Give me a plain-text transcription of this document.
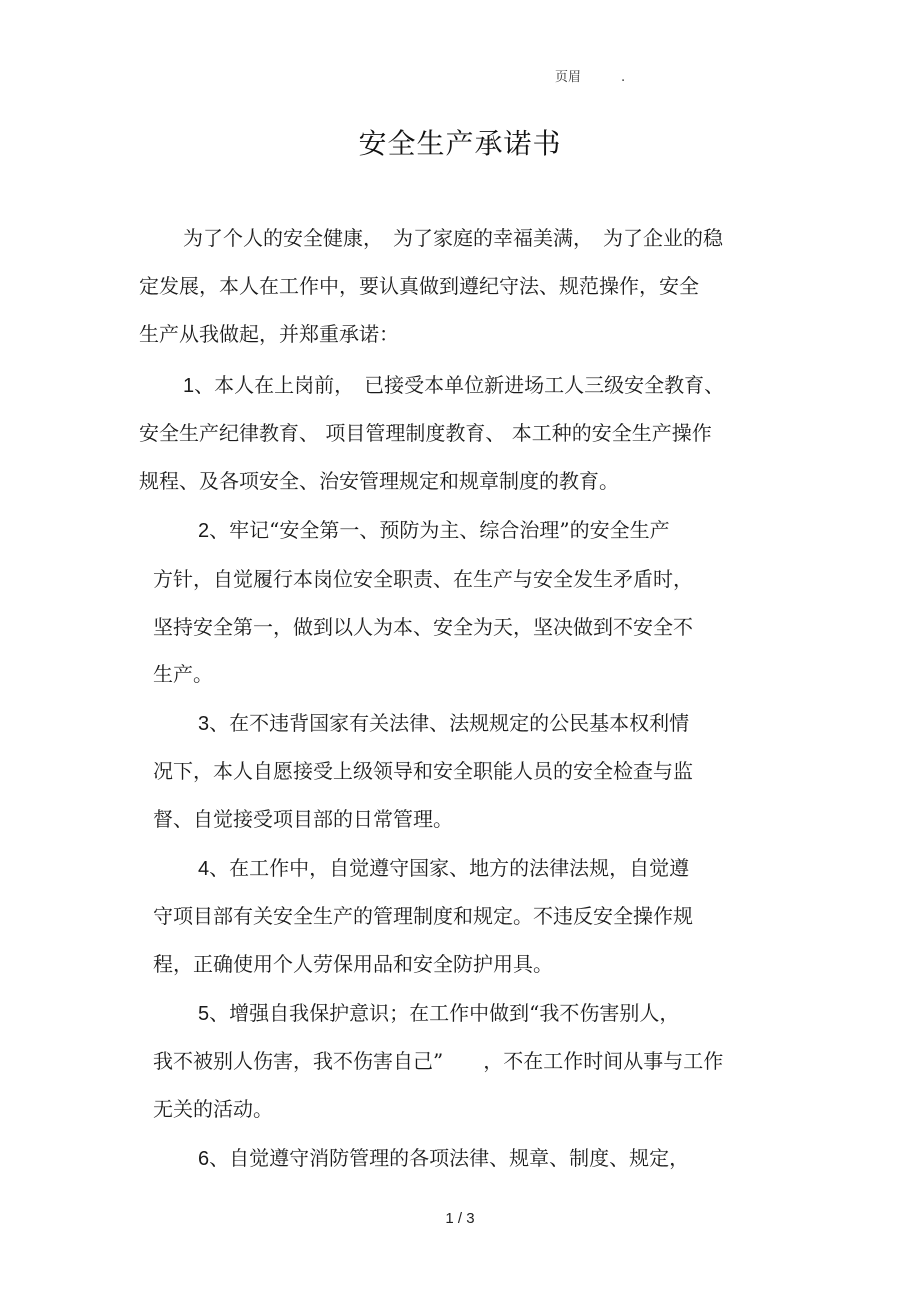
页眉	.
安全生产承诺书
为了个人的安全健康，　为了家庭的幸福美满，　为了企业的稳
定发展，本人在工作中，要认真做到遵纪守法、规范操作，安全
生产从我做起，并郑重承诺：
1、本人在上岗前，　已接受本单位新进场工人三级安全教育、
安全生产纪律教育、 项目管理制度教育、 本工种的安全生产操作
规程、及各项安全、治安管理规定和规章制度的教育。
2、牢记“安全第一、预防为主、综合治理”的安全生产
方针，自觉履行本岗位安全职责、在生产与安全发生矛盾时，
坚持安全第一，做到以人为本、安全为天，坚决做到不安全不
生产。
3、在不违背国家有关法律、法规规定的公民基本权利情
况下，本人自愿接受上级领导和安全职能人员的安全检查与监
督、自觉接受项目部的日常管理。
4、在工作中，自觉遵守国家、地方的法律法规，自觉遵
守项目部有关安全生产的管理制度和规定。不违反安全操作规
程，正确使用个人劳保用品和安全防护用具。
5、增强自我保护意识；在工作中做到“我不伤害别人，
我不被别人伤害，我不伤害自己”　　，不在工作时间从事与工作
无关的活动。
6、自觉遵守消防管理的各项法律、规章、制度、规定，
1 / 3
